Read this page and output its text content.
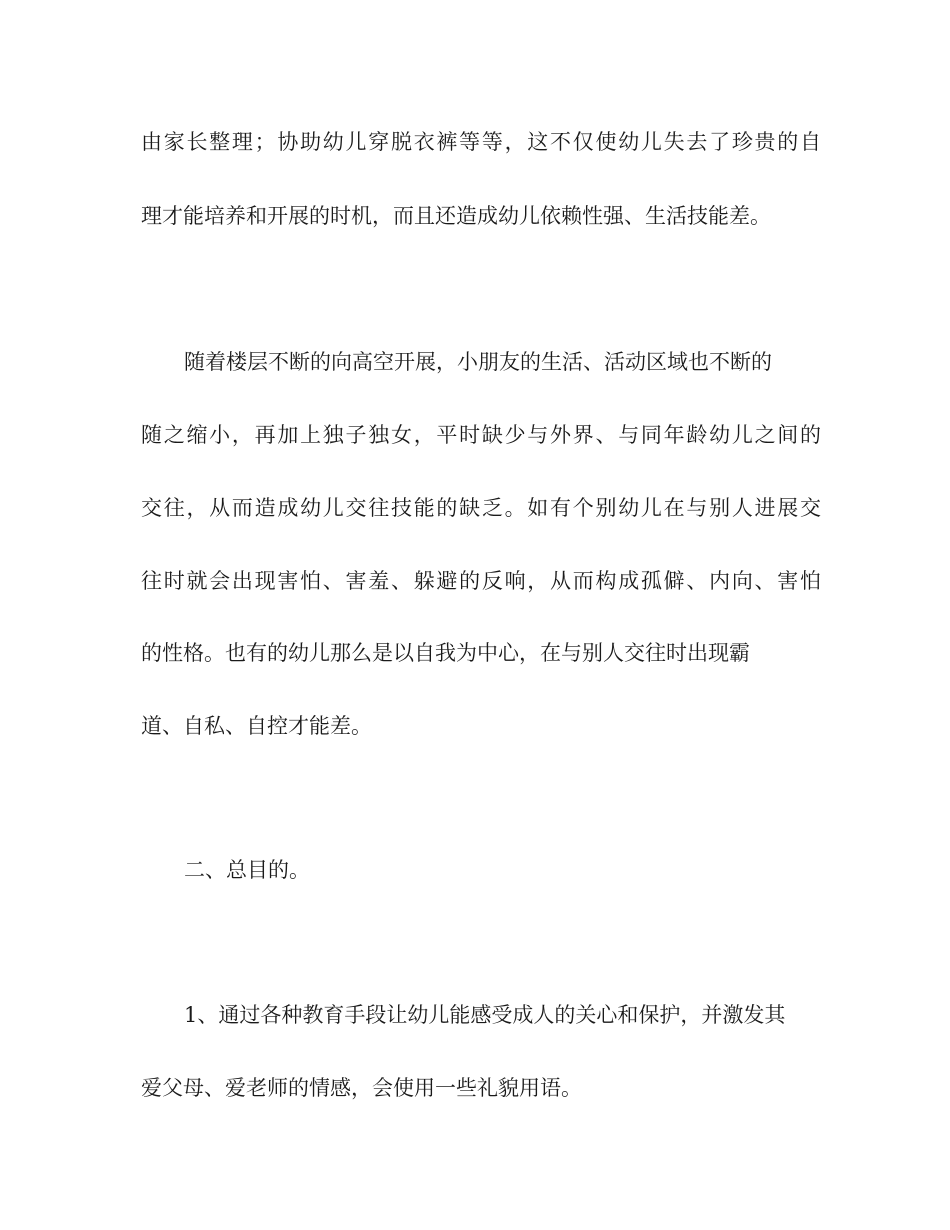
由家长整理；协助幼儿穿脱衣裤等等，这不仅使幼儿失去了珍贵的自
理才能培养和开展的时机，而且还造成幼儿依赖性强、生活技能差。
随着楼层不断的向高空开展，小朋友的生活、活动区域也不断的
随之缩小，再加上独子独女，平时缺少与外界、与同年龄幼儿之间的
交往，从而造成幼儿交往技能的缺乏。如有个别幼儿在与别人进展交
往时就会出现害怕、害羞、躲避的反响，从而构成孤僻、内向、害怕
的性格。也有的幼儿那么是以自我为中心，在与别人交往时出现霸
道、自私、自控才能差。
二、总目的。
1、通过各种教育手段让幼儿能感受成人的关心和保护，并激发其
爱父母、爱老师的情感，会使用一些礼貌用语。
